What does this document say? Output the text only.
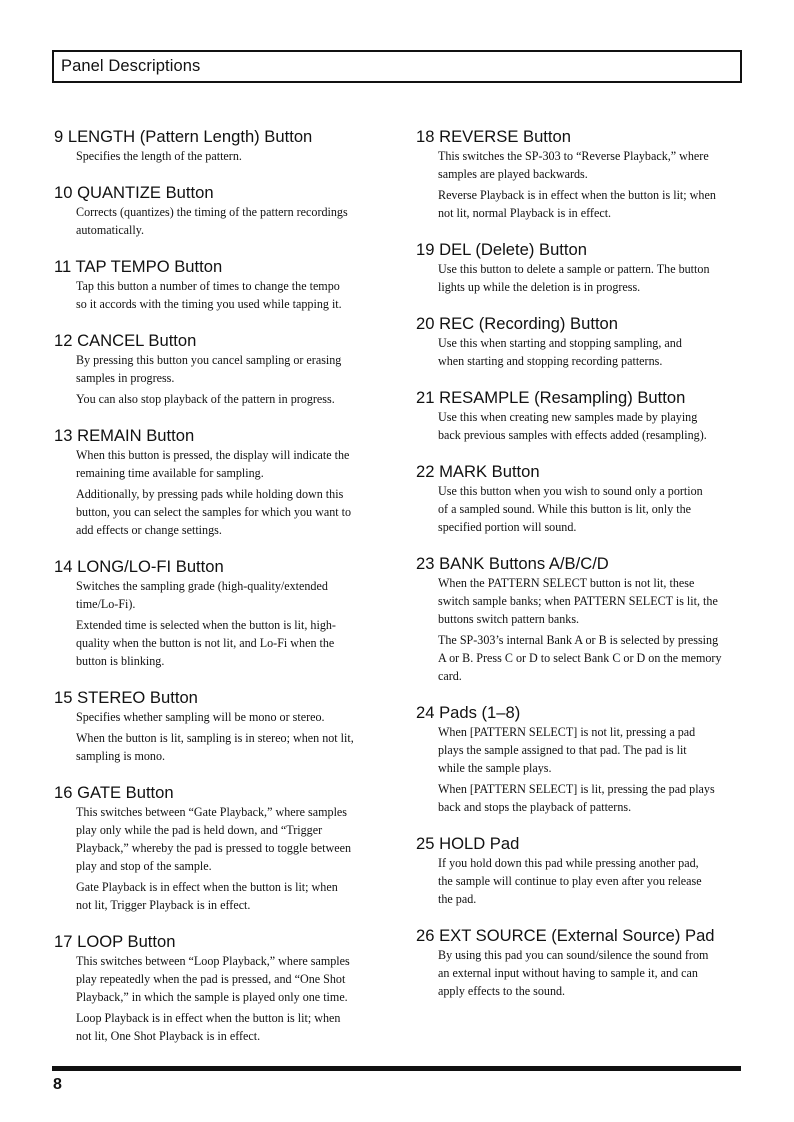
Panel Descriptions
9 LENGTH (Pattern Length) Button
Specifies the length of the pattern.
10 QUANTIZE Button
Corrects (quantizes) the timing of the pattern recordings
automatically.
11 TAP TEMPO Button
Tap this button a number of times to change the tempo
so it accords with the timing you used while tapping it.
12 CANCEL Button
By pressing this button you cancel sampling or erasing
samples in progress.
You can also stop playback of the pattern in progress.
13 REMAIN Button
When this button is pressed, the display will indicate the
remaining time available for sampling.
Additionally, by pressing pads while holding down this
button, you can select the samples for which you want to
add effects or change settings.
14 LONG/LO-FI Button
Switches the sampling grade (high-quality/extended
time/Lo-Fi).
Extended time is selected when the button is lit, high-
quality when the button is not lit, and Lo-Fi when the
button is blinking.
15 STEREO Button
Specifies whether sampling will be mono or stereo.
When the button is lit, sampling is in stereo; when not lit,
sampling is mono.
16 GATE Button
This switches between “Gate Playback,” where samples
play only while the pad is held down, and “Trigger
Playback,” whereby the pad is pressed to toggle between
play and stop of the sample.
Gate Playback is in effect when the button is lit; when
not lit, Trigger Playback is in effect.
17 LOOP Button
This switches between “Loop Playback,” where samples
play repeatedly when the pad is pressed, and “One Shot
Playback,” in which the sample is played only one time.
Loop Playback is in effect when the button is lit; when
not lit, One Shot Playback is in effect.
18 REVERSE Button
This switches the SP-303 to “Reverse Playback,” where
samples are played backwards.
Reverse Playback is in effect when the button is lit; when
not lit, normal Playback is in effect.
19 DEL (Delete) Button
Use this button to delete a sample or pattern. The button
lights up while the deletion is in progress.
20 REC (Recording) Button
Use this when starting and stopping sampling, and
when starting and stopping recording patterns.
21 RESAMPLE (Resampling) Button
Use this when creating new samples made by playing
back previous samples with effects added (resampling).
22 MARK Button
Use this button when you wish to sound only a portion
of a sampled sound. While this button is lit, only the
specified portion will sound.
23 BANK Buttons A/B/C/D
When the PATTERN SELECT button is not lit, these
switch sample banks; when PATTERN SELECT is lit, the
buttons switch pattern banks.
The SP-303’s internal Bank A or B is selected by pressing
A or B. Press C or D to select Bank C or D on the memory
card.
24 Pads (1–8)
When [PATTERN SELECT] is not lit, pressing a pad
plays the sample assigned to that pad. The pad is lit
while the sample plays.
When [PATTERN SELECT] is lit, pressing the pad plays
back and stops the playback of patterns.
25 HOLD Pad
If you hold down this pad while pressing another pad,
the sample will continue to play even after you release
the pad.
26 EXT SOURCE (External Source) Pad
By using this pad you can sound/silence the sound from
an external input without having to sample it, and can
apply effects to the sound.
8
